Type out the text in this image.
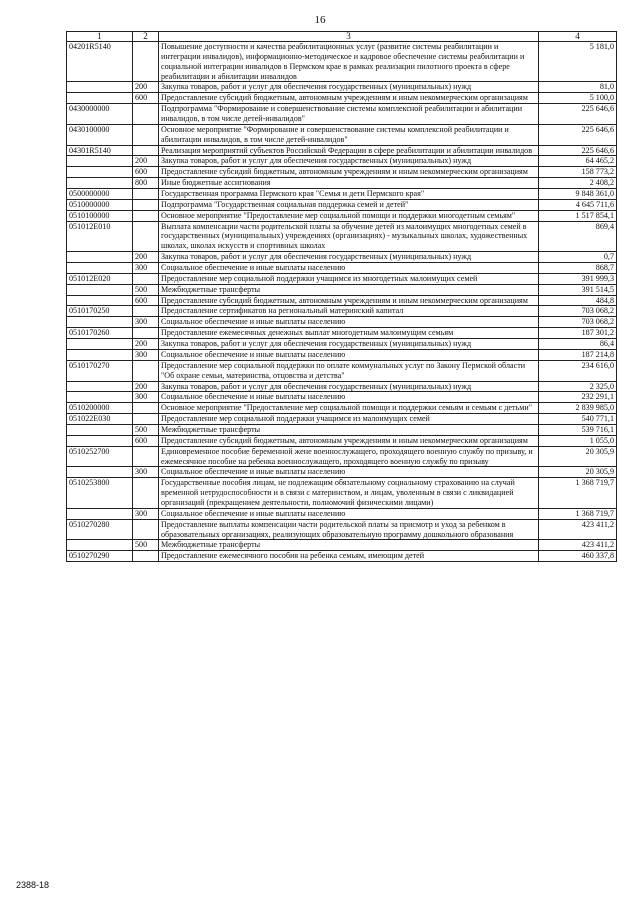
16
1	2	3	4
04201R5140		Повышение доступности и качества реабилитационных услуг (развитие системы реабилитации и интеграции инвалидов), информационно-методическое и кадровое обеспечение системы реабилитации и социальной интеграции инвалидов в Пермском крае в рамках реализации пилотного проекта в сфере реабилитации и абилитации инвалидов	5 181,0
	200	Закупка товаров, работ и услуг для обеспечения государственных (муниципальных) нужд	81,0
	600	Предоставление субсидий бюджетным, автономным учреждениям и иным некоммерческим организациям	5 100,0
0430000000		Подпрограмма "Формирование и совершенствование системы комплексной реабилитации и абилитации инвалидов, в том числе детей-инвалидов"	225 646,6
0430100000		Основное мероприятие "Формирование и совершенствование системы комплексной реабилитации и абилитации инвалидов, в том числе детей-инвалидов"	225 646,6
04301R5140		Реализация мероприятий субъектов Российской Федерации в сфере реабилитации и абилитации инвалидов	225 646,6
	200	Закупка товаров, работ и услуг для обеспечения государственных (муниципальных) нужд	64 465,2
	600	Предоставление субсидий бюджетным, автономным учреждениям и иным некоммерческим организациям	158 773,2
	800	Иные бюджетные ассигнования	2 408,2
0500000000		Государственная программа Пермского края "Семья и дети Пермского края"	9 848 361,0
0510000000		Подпрограмма "Государственная социальная поддержка семей и детей"	4 645 711,6
0510100000		Основное мероприятие "Предоставление мер социальной помощи и поддержки многодетным семьям"	1 517 854,1
051012Е010		Выплата компенсации части родительской платы за обучение детей из малоимущих многодетных семей в государственных (муниципальных) учреждениях (организациях) - музыкальных школах, художественных школах, школах искусств и спортивных школах	869,4
	200	Закупка товаров, работ и услуг для обеспечения государственных (муниципальных) нужд	0,7
	300	Социальное обеспечение и иные выплаты населению	868,7
051012Е020		Предоставление мер социальной поддержки учащимся из многодетных малоимущих семей	391 999,3
	500	Межбюджетные трансферты	391 514,5
	600	Предоставление субсидий бюджетным, автономным учреждениям и иным некоммерческим организациям	484,8
0510170250		Предоставление сертификатов на региональный материнский капитал	703 068,2
	300	Социальное обеспечение и иные выплаты населению	703 068,2
0510170260		Предоставление ежемесячных денежных выплат многодетным малоимущим семьям	187 301,2
	200	Закупка товаров, работ и услуг для обеспечения государственных (муниципальных) нужд	86,4
	300	Социальное обеспечение и иные выплаты населению	187 214,8
0510170270		Предоставление мер социальной поддержки по оплате коммунальных услуг по Закону Пермской области "Об охране семьи, материнства, отцовства и детства"	234 616,0
	200	Закупка товаров, работ и услуг для обеспечения государственных (муниципальных) нужд	2 325,0
	300	Социальное обеспечение и иные выплаты населению	232 291,1
0510200000		Основное мероприятие "Предоставление мер социальной помощи и поддержки семьям и семьям с детьми"	2 839 985,0
051022Е030		Предоставление мер социальной поддержки учащимся из малоимущих семей	540 771,1
	500	Межбюджетные трансферты	539 716,1
	600	Предоставление субсидий бюджетным, автономным учреждениям и иным некоммерческим организациям	1 055,0
0510252700		Единовременное пособие беременной жене военнослужащего, проходящего военную службу по призыву, и ежемесячное пособие на ребенка военнослужащего, проходящего военную службу по призыву	20 305,9
	300	Социальное обеспечение и иные выплаты населению	20 305,9
0510253800		Государственные пособия лицам, не подлежащим обязательному социальному страхованию на случай временной нетрудоспособности и в связи с материнством, и лицам, уволенным в связи с ликвидацией организаций (прекращением деятельности, полномочий физическими лицами)	1 368 719,7
	300	Социальное обеспечение и иные выплаты населению	1 368 719,7
0510270280		Предоставление выплаты компенсации части родительской платы за присмотр и уход за ребенком в образовательных организациях, реализующих образовательную программу дошкольного образования	423 411,2
	500	Межбюджетные трансферты	423 411,2
0510270290		Предоставление ежемесячного пособия на ребенка семьям, имеющим детей	460 337,8
2388-18
